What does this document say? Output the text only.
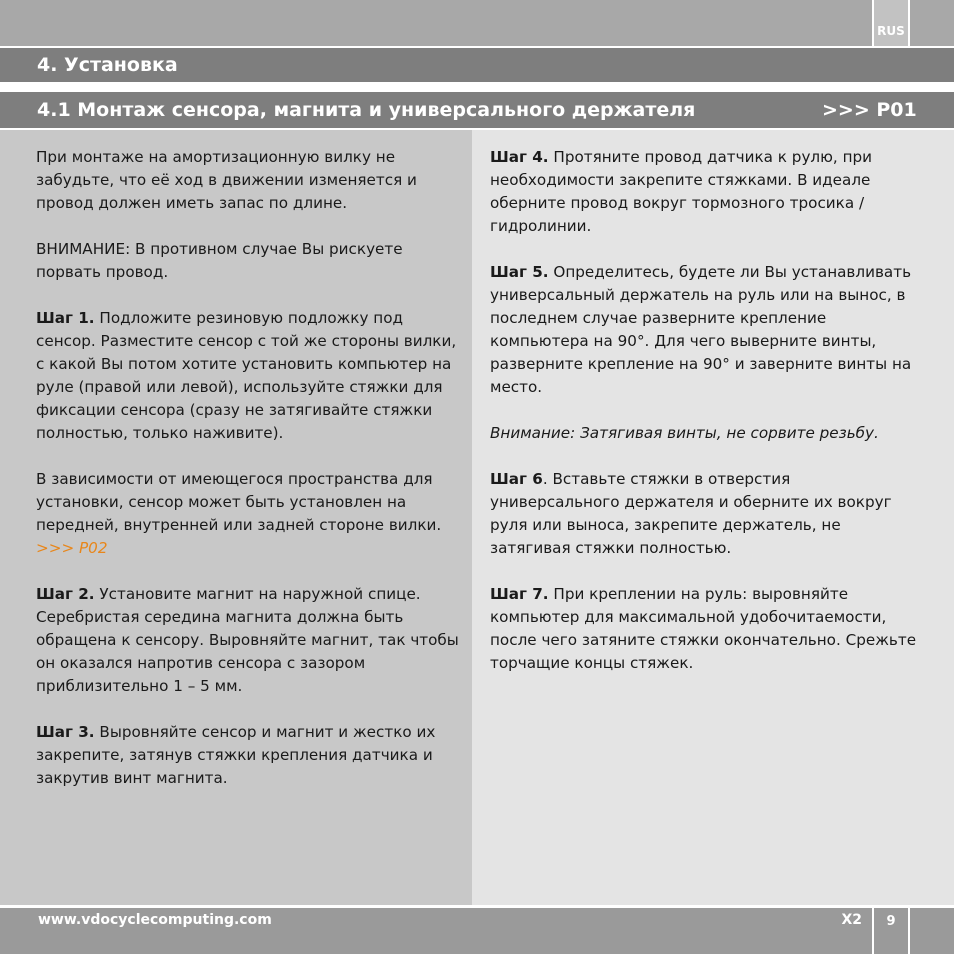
RUS
4. Установка
4.1 Монтаж сенсора, магнита и универсального держателя	>>> P01

При монтаже на амортизационную вилку не забудьте, что её ход в движении изменяется и провод должен иметь запас по длине.

ВНИМАНИЕ: В противном случае Вы рискуете порвать провод.

Шаг 1. Подложите резиновую подложку под сенсор. Разместите сенсор с той же стороны вилки, с какой Вы потом хотите установить компьютер на руле (правой или левой), используйте стяжки для фиксации сенсора (сразу не затягивайте стяжки полностью, только наживите).

В зависимости от имеющегося пространства для установки, сенсор может быть установлен на передней, внутренней или задней стороне вилки.
>>> P02

Шаг 2. Установите магнит на наружной спице. Серебристая середина магнита должна быть обращена к сенсору. Выровняйте магнит, так чтобы он оказался напротив сенсора с зазором приблизительно 1 – 5 мм.

Шаг 3. Выровняйте сенсор и магнит и жестко их закрепите, затянув стяжки крепления датчика и закрутив винт магнита.

Шаг 4. Протяните провод датчика к рулю, при необходимости закрепите стяжками. В идеале оберните провод вокруг тормозного тросика / гидролинии.

Шаг 5. Определитесь, будете ли Вы устанавливать универсальный держатель на руль или на вынос, в последнем случае разверните крепление компьютера на 90°. Для чего выверните винты, разверните крепление на 90° и заверните винты на место.

Внимание: Затягивая винты, не сорвите резьбу.

Шаг 6. Вставьте стяжки в отверстия универсального держателя и оберните их вокруг руля или выноса, закрепите держатель, не затягивая стяжки полностью.

Шаг 7. При креплении на руль: выровняйте компьютер для максимальной удобочитаемости, после чего затяните стяжки окончательно. Срежьте торчащие концы стяжек.

www.vdocyclecomputing.com	X2	9
